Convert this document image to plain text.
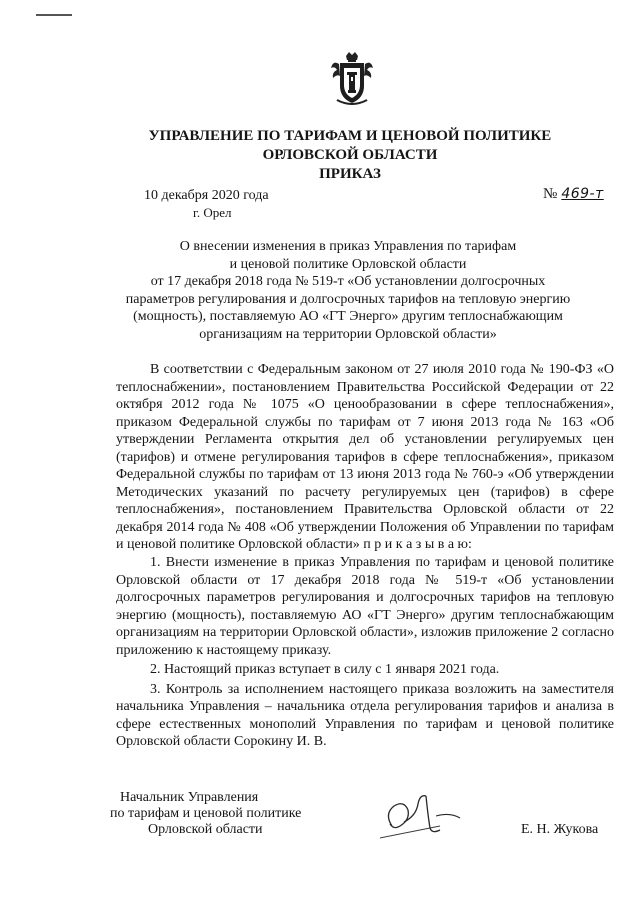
УПРАВЛЕНИЕ ПО ТАРИФАМ И ЦЕНОВОЙ ПОЛИТИКЕ
ОРЛОВСКОЙ ОБЛАСТИ
ПРИКАЗ
10 декабря 2020 года
г. Орел
№ 469-т
О внесении изменения в приказ Управления по тарифам
и ценовой политике Орловской области
от 17 декабря 2018 года № 519-т «Об установлении долгосрочных
параметров регулирования и долгосрочных тарифов на тепловую энергию
(мощность), поставляемую АО «ГТ Энерго» другим теплоснабжающим
организациям на территории Орловской области»

В соответствии с Федеральным законом от 27 июля 2010 года № 190-ФЗ «О теплоснабжении», постановлением Правительства Российской Федерации от 22 октября 2012 года № 1075 «О ценообразовании в сфере теплоснабжения», приказом Федеральной службы по тарифам от 7 июня 2013 года № 163 «Об утверждении Регламента открытия дел об установлении регулируемых цен (тарифов) и отмене регулирования тарифов в сфере теплоснабжения», приказом Федеральной службы по тарифам от 13 июня 2013 года № 760-э «Об утверждении Методических указаний по расчету регулируемых цен (тарифов) в сфере теплоснабжения», постановлением Правительства Орловской области от 22 декабря 2014 года № 408 «Об утверждении Положения об Управлении по тарифам и ценовой политике Орловской области» п р и к а з ы в а ю:

1. Внести изменение в приказ Управления по тарифам и ценовой политике Орловской области от 17 декабря 2018 года № 519-т «Об установлении долгосрочных параметров регулирования и долгосрочных тарифов на тепловую энергию (мощность), поставляемую АО «ГТ Энерго» другим теплоснабжающим организациям на территории Орловской области», изложив приложение 2 согласно приложению к настоящему приказу.

2. Настоящий приказ вступает в силу с 1 января 2021 года.

3. Контроль за исполнением настоящего приказа возложить на заместителя начальника Управления – начальника отдела регулирования тарифов и анализа в сфере естественных монополий Управления по тарифам и ценовой политике Орловской области Сорокину И. В.

Начальник Управления
по тарифам и ценовой политике
Орловской области	Е. Н. Жукова
